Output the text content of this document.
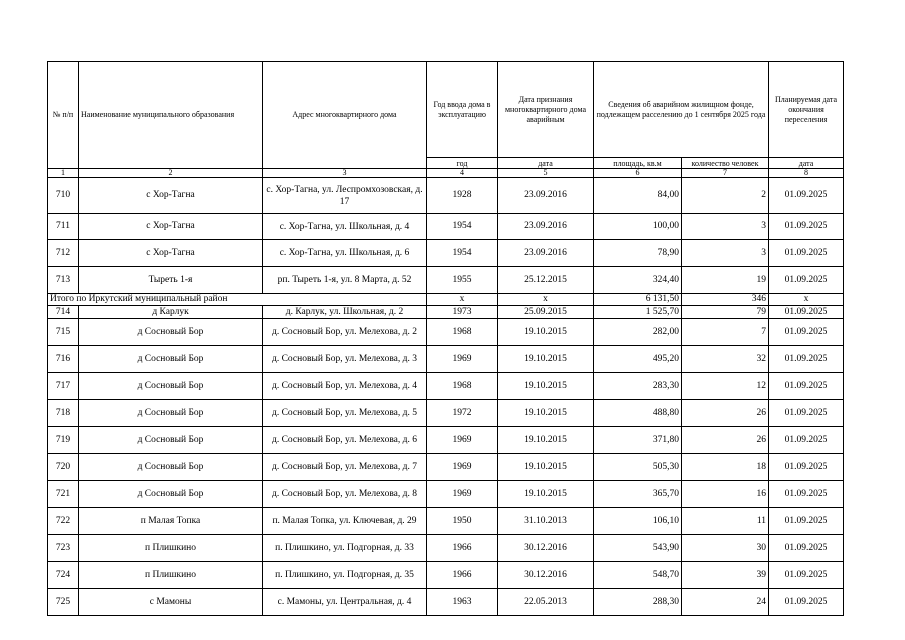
№ п/п	Наименование муниципального образования	Адрес многоквартирного дома	Год ввода дома в эксплуатацию	Дата признания многоквартирного дома аварийным	Сведения об аварийном жилищном фонде, подлежащем расселению до 1 сентября 2025 года		Планируемая дата окончания переселения
			год	дата	площадь, кв.м	количество человек	дата
1	2	3	4	5	6	7	8
710	с Хор-Тагна	с. Хор-Тагна, ул. Леспромхозовская, д. 17	1928	23.09.2016	84,00	2	01.09.2025
711	с Хор-Тагна	с. Хор-Тагна, ул. Школьная, д. 4	1954	23.09.2016	100,00	3	01.09.2025
712	с Хор-Тагна	с. Хор-Тагна, ул. Школьная, д. 6	1954	23.09.2016	78,90	3	01.09.2025
713	Тыреть 1-я	рп. Тыреть 1-я, ул. 8 Марта, д. 52	1955	25.12.2015	324,40	19	01.09.2025
Итого по Иркутский муниципальный район			x	x	6 131,50	346	x
714	д Карлук	д. Карлук, ул. Школьная, д. 2	1973	25.09.2015	1 525,70	79	01.09.2025
715	д Сосновый Бор	д. Сосновый Бор, ул. Мелехова, д. 2	1968	19.10.2015	282,00	7	01.09.2025
716	д Сосновый Бор	д. Сосновый Бор, ул. Мелехова, д. 3	1969	19.10.2015	495,20	32	01.09.2025
717	д Сосновый Бор	д. Сосновый Бор, ул. Мелехова, д. 4	1968	19.10.2015	283,30	12	01.09.2025
718	д Сосновый Бор	д. Сосновый Бор, ул. Мелехова, д. 5	1972	19.10.2015	488,80	26	01.09.2025
719	д Сосновый Бор	д. Сосновый Бор, ул. Мелехова, д. 6	1969	19.10.2015	371,80	26	01.09.2025
720	д Сосновый Бор	д. Сосновый Бор, ул. Мелехова, д. 7	1969	19.10.2015	505,30	18	01.09.2025
721	д Сосновый Бор	д. Сосновый Бор, ул. Мелехова, д. 8	1969	19.10.2015	365,70	16	01.09.2025
722	п Малая Топка	п. Малая Топка, ул. Ключевая, д. 29	1950	31.10.2013	106,10	11	01.09.2025
723	п Плишкино	п. Плишкино, ул. Подгорная, д. 33	1966	30.12.2016	543,90	30	01.09.2025
724	п Плишкино	п. Плишкино, ул. Подгорная, д. 35	1966	30.12.2016	548,70	39	01.09.2025
725	с Мамоны	с. Мамоны, ул. Центральная, д. 4	1963	22.05.2013	288,30	24	01.09.2025
